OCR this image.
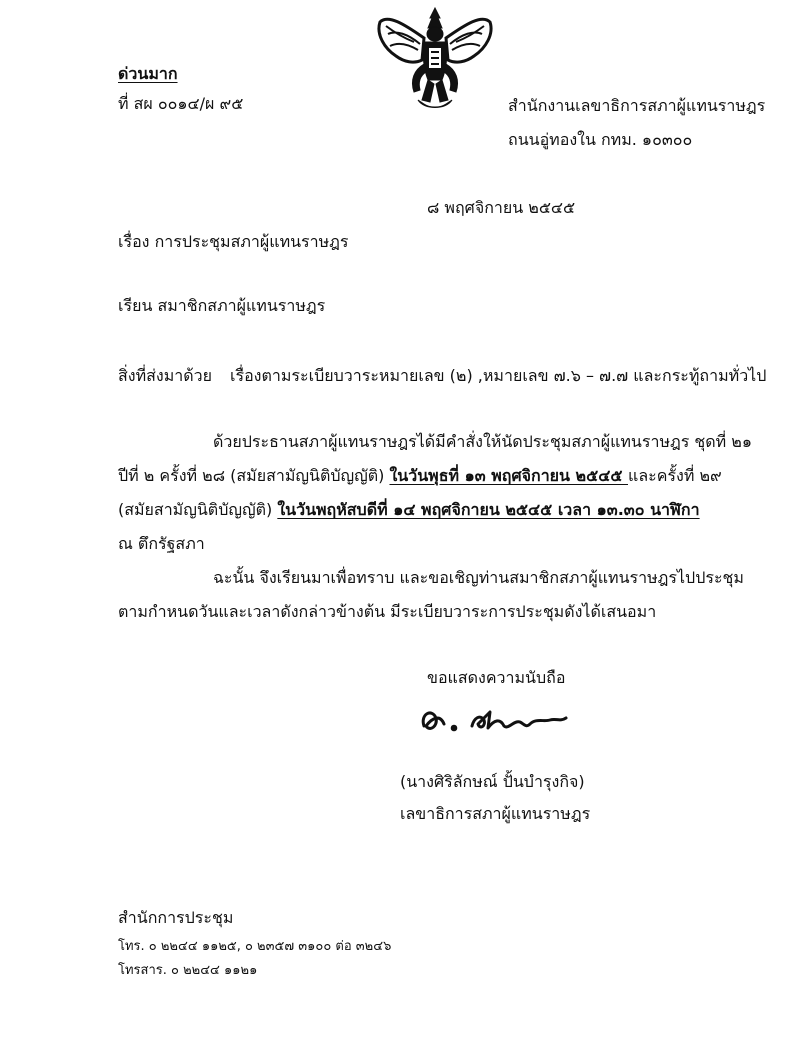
ด่วนมาก
ที่ สผ ๐๐๑๔/ผ ๙๕	สำนักงานเลขาธิการสภาผู้แทนราษฎร
ถนนอู่ทองใน กทม. ๑๐๓๐๐
๘ พฤศจิกายน ๒๕๔๕
เรื่อง การประชุมสภาผู้แทนราษฎร
เรียน สมาชิกสภาผู้แทนราษฎร
สิ่งที่ส่งมาด้วย เรื่องตามระเบียบวาระหมายเลข (๒) ,หมายเลข ๗.๖ – ๗.๗ และกระทู้ถามทั่วไป
ด้วยประธานสภาผู้แทนราษฎรได้มีคำสั่งให้นัดประชุมสภาผู้แทนราษฎร ชุดที่ ๒๑
ปีที่ ๒ ครั้งที่ ๒๘ (สมัยสามัญนิติบัญญัติ) ในวันพุธที่ ๑๓ พฤศจิกายน ๒๕๔๕ และครั้งที่ ๒๙
(สมัยสามัญนิติบัญญัติ) ในวันพฤหัสบดีที่ ๑๔ พฤศจิกายน ๒๕๔๕ เวลา ๑๓.๓๐ นาฬิกา
ณ ตึกรัฐสภา
ฉะนั้น จึงเรียนมาเพื่อทราบ และขอเชิญท่านสมาชิกสภาผู้แทนราษฎรไปประชุม
ตามกำหนดวันและเวลาดังกล่าวข้างต้น มีระเบียบวาระการประชุมดังได้เสนอมา
ขอแสดงความนับถือ
(นางศิริลักษณ์ ปั้นบำรุงกิจ)
เลขาธิการสภาผู้แทนราษฎร
สำนักการประชุม
โทร. ๐ ๒๒๔๔ ๑๑๒๕, ๐ ๒๓๕๗ ๓๑๐๐ ต่อ ๓๒๔๖
โทรสาร. ๐ ๒๒๔๔ ๑๑๒๑
